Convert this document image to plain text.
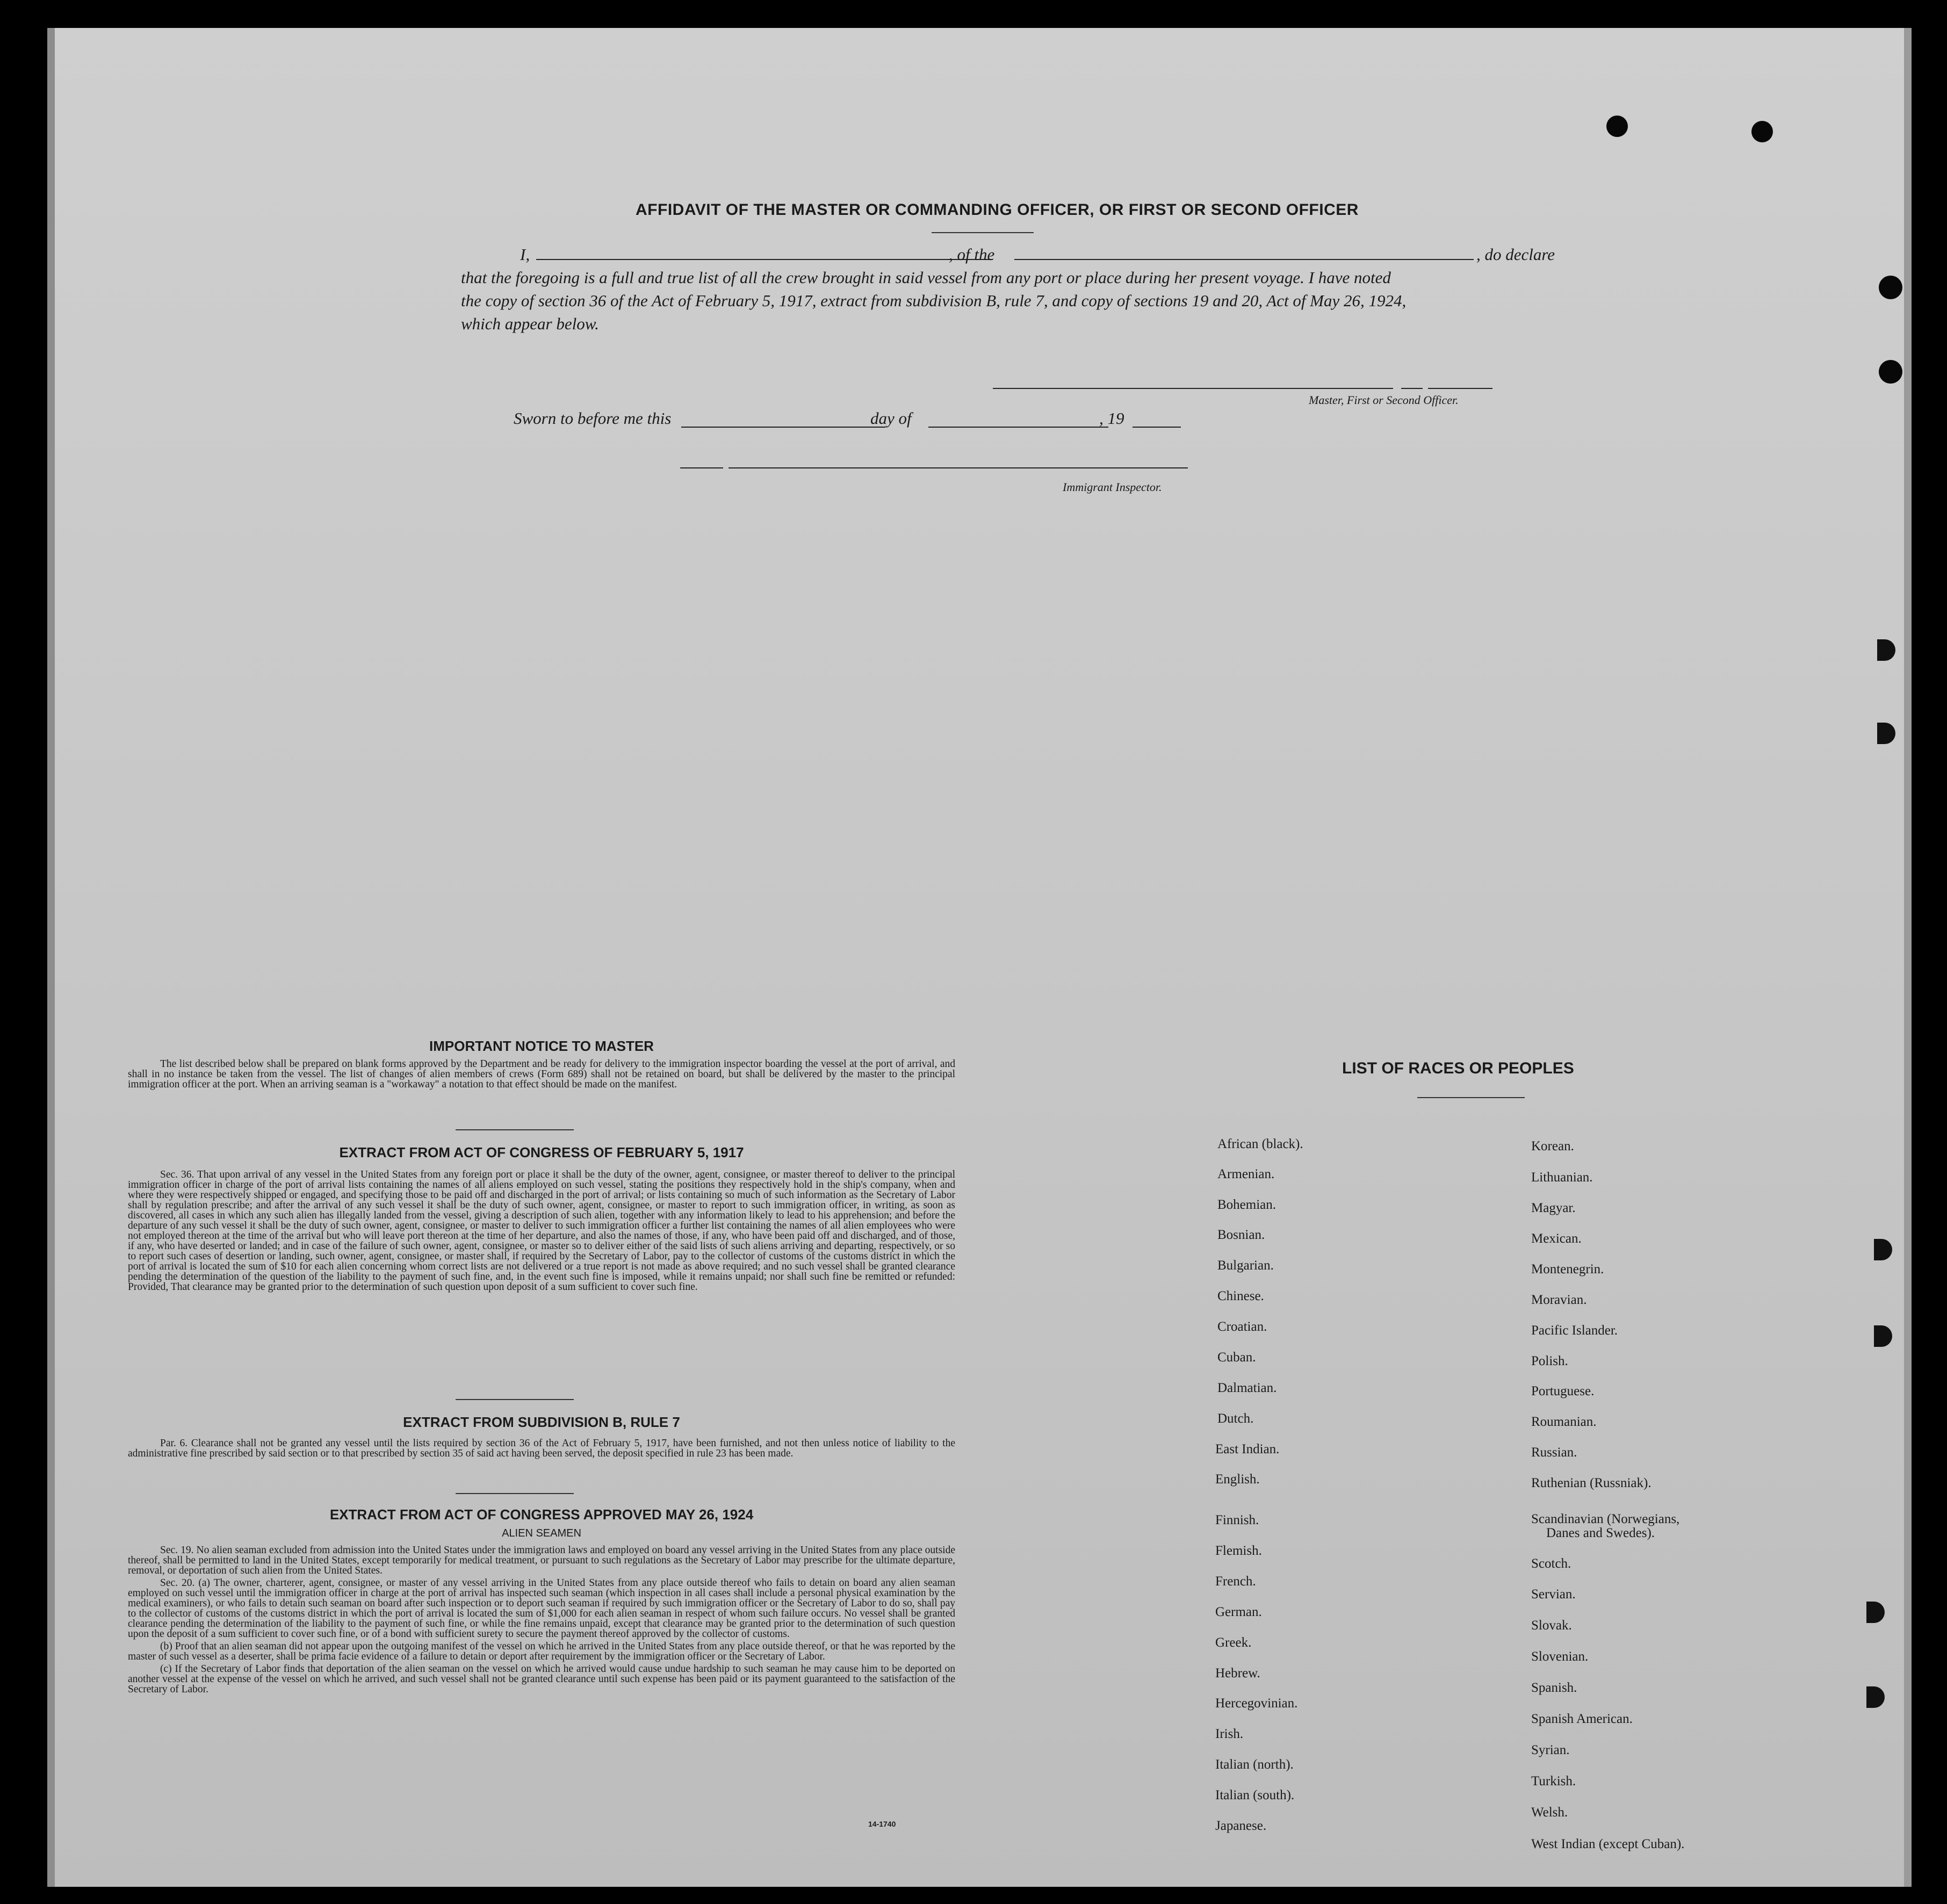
AFFIDAVIT OF THE MASTER OR COMMANDING OFFICER, OR FIRST OR SECOND OFFICER
I,	, of the	, do declare
that the foregoing is a full and true list of all the crew brought in said vessel from any port or place during her present voyage. I have noted
the copy of section 36 of the Act of February 5, 1917, extract from subdivision B, rule 7, and copy of sections 19 and 20, Act of May 26, 1924,
which appear below.
Master, First or Second Officer.
Sworn to before me this	day of	, 19
Immigrant Inspector.
IMPORTANT NOTICE TO MASTER
The list described below shall be prepared on blank forms approved by the Department and be ready for delivery to the immigration inspector boarding the vessel at the port of arrival, and shall in no instance be taken from the vessel. The list of changes of alien members of crews (Form 689) shall not be retained on board, but shall be delivered by the master to the principal immigration officer at the port. When an arriving seaman is a "workaway" a notation to that effect should be made on the manifest.
EXTRACT FROM ACT OF CONGRESS OF FEBRUARY 5, 1917
Sec. 36. That upon arrival of any vessel in the United States from any foreign port or place it shall be the duty of the owner, agent, consignee, or master thereof to deliver to the principal immigration officer in charge of the port of arrival lists containing the names of all aliens employed on such vessel, stating the positions they respectively hold in the ship's company, when and where they were respectively shipped or engaged, and specifying those to be paid off and discharged in the port of arrival; or lists containing so much of such information as the Secretary of Labor shall by regulation prescribe; and after the arrival of any such vessel it shall be the duty of such owner, agent, consignee, or master to report to such immigration officer, in writing, as soon as discovered, all cases in which any such alien has illegally landed from the vessel, giving a description of such alien, together with any information likely to lead to his apprehension; and before the departure of any such vessel it shall be the duty of such owner, agent, consignee, or master to deliver to such immigration officer a further list containing the names of all alien employees who were not employed thereon at the time of the arrival but who will leave port thereon at the time of her departure, and also the names of those, if any, who have been paid off and discharged, and of those, if any, who have deserted or landed; and in case of the failure of such owner, agent, consignee, or master so to deliver either of the said lists of such aliens arriving and departing, respectively, or so to report such cases of desertion or landing, such owner, agent, consignee, or master shall, if required by the Secretary of Labor, pay to the collector of customs of the customs district in which the port of arrival is located the sum of $10 for each alien concerning whom correct lists are not delivered or a true report is not made as above required; and no such vessel shall be granted clearance pending the determination of the question of the liability to the payment of such fine, and, in the event such fine is imposed, while it remains unpaid; nor shall such fine be remitted or refunded: Provided, That clearance may be granted prior to the determination of such question upon deposit of a sum sufficient to cover such fine.
EXTRACT FROM SUBDIVISION B, RULE 7
Par. 6. Clearance shall not be granted any vessel until the lists required by section 36 of the Act of February 5, 1917, have been furnished, and not then unless notice of liability to the administrative fine prescribed by said section or to that prescribed by section 35 of said act having been served, the deposit specified in rule 23 has been made.
EXTRACT FROM ACT OF CONGRESS APPROVED MAY 26, 1924
ALIEN SEAMEN
Sec. 19. No alien seaman excluded from admission into the United States under the immigration laws and employed on board any vessel arriving in the United States from any place outside thereof, shall be permitted to land in the United States, except temporarily for medical treatment, or pursuant to such regulations as the Secretary of Labor may prescribe for the ultimate departure, removal, or deportation of such alien from the United States.
Sec. 20. (a) The owner, charterer, agent, consignee, or master of any vessel arriving in the United States from any place outside thereof who fails to detain on board any alien seaman employed on such vessel until the immigration officer in charge at the port of arrival has inspected such seaman (which inspection in all cases shall include a personal physical examination by the medical examiners), or who fails to detain such seaman on board after such inspection or to deport such seaman if required by such immigration officer or the Secretary of Labor to do so, shall pay to the collector of customs of the customs district in which the port of arrival is located the sum of $1,000 for each alien seaman in respect of whom such failure occurs. No vessel shall be granted clearance pending the determination of the liability to the payment of such fine, or while the fine remains unpaid, except that clearance may be granted prior to the determination of such question upon the deposit of a sum sufficient to cover such fine, or of a bond with sufficient surety to secure the payment thereof approved by the collector of customs.
(b) Proof that an alien seaman did not appear upon the outgoing manifest of the vessel on which he arrived in the United States from any place outside thereof, or that he was reported by the master of such vessel as a deserter, shall be prima facie evidence of a failure to detain or deport after requirement by the immigration officer or the Secretary of Labor.
(c) If the Secretary of Labor finds that deportation of the alien seaman on the vessel on which he arrived would cause undue hardship to such seaman he may cause him to be deported on another vessel at the expense of the vessel on which he arrived, and such vessel shall not be granted clearance until such expense has been paid or its payment guaranteed to the satisfaction of the Secretary of Labor.
14-1740
LIST OF RACES OR PEOPLES
African (black).
Armenian.
Bohemian.
Bosnian.
Bulgarian.
Chinese.
Croatian.
Cuban.
Dalmatian.
Dutch.
East Indian.
English.
Finnish.
Flemish.
French.
German.
Greek.
Hebrew.
Hercegovinian.
Irish.
Italian (north).
Italian (south).
Japanese.
Korean.
Lithuanian.
Magyar.
Mexican.
Montenegrin.
Moravian.
Pacific Islander.
Polish.
Portuguese.
Roumanian.
Russian.
Ruthenian (Russniak).
Scandinavian (Norwegians,
Danes and Swedes).
Scotch.
Servian.
Slovak.
Slovenian.
Spanish.
Spanish American.
Syrian.
Turkish.
Welsh.
West Indian (except Cuban).
